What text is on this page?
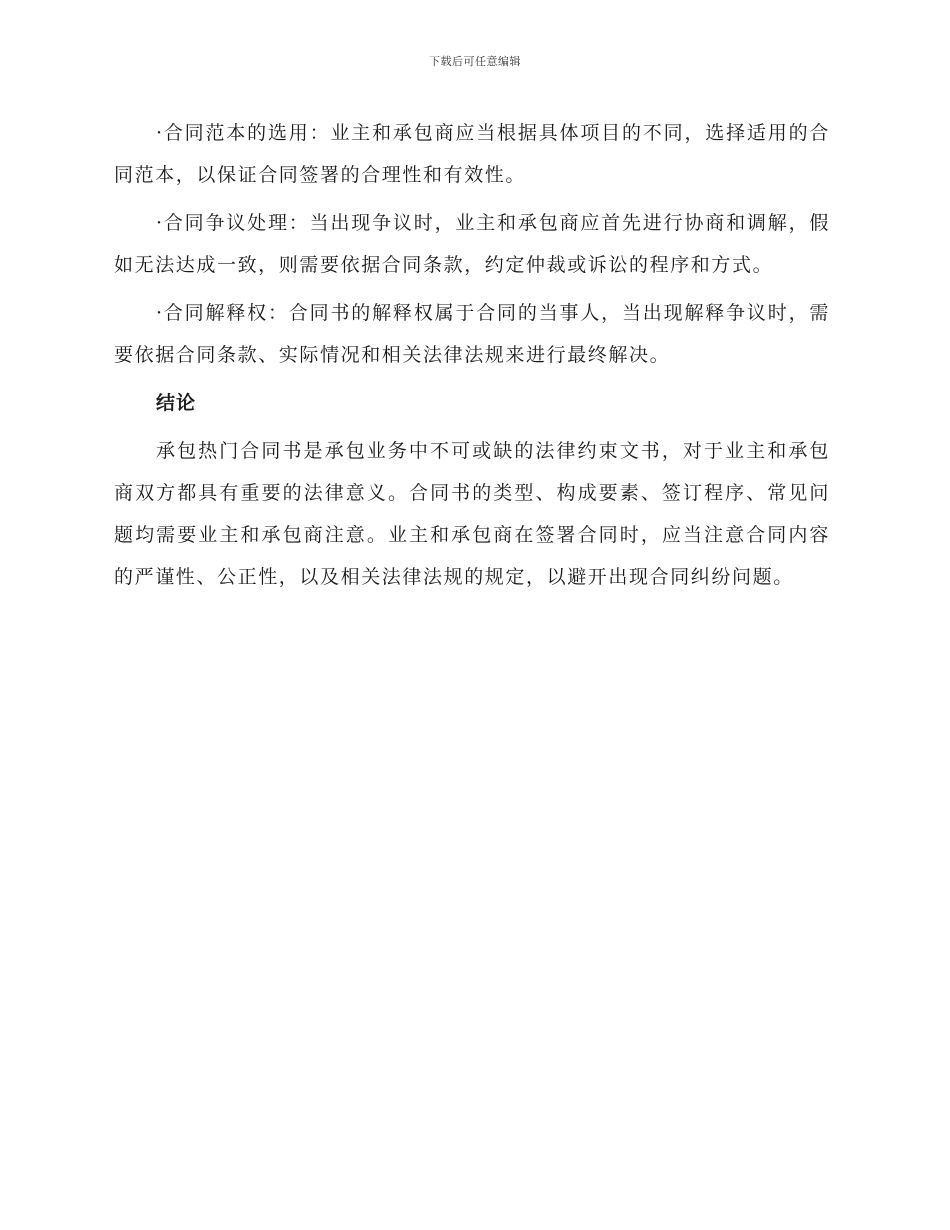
下载后可任意编辑

·合同范本的选用：业主和承包商应当根据具体项目的不同，选择适用的合同范本，以保证合同签署的合理性和有效性。

·合同争议处理：当出现争议时，业主和承包商应首先进行协商和调解，假如无法达成一致，则需要依据合同条款，约定仲裁或诉讼的程序和方式。

·合同解释权：合同书的解释权属于合同的当事人，当出现解释争议时，需要依据合同条款、实际情况和相关法律法规来进行最终解决。

结论

承包热门合同书是承包业务中不可或缺的法律约束文书，对于业主和承包商双方都具有重要的法律意义。合同书的类型、构成要素、签订程序、常见问题均需要业主和承包商注意。业主和承包商在签署合同时，应当注意合同内容的严谨性、公正性，以及相关法律法规的规定，以避开出现合同纠纷问题。
